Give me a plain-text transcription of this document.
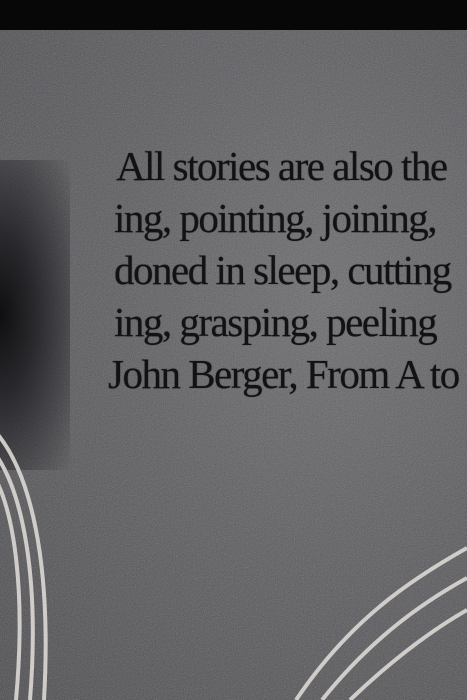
All stories are also the
ing, pointing, joining,
doned in sleep, cutting
ing, grasping, peeling
John Berger, From A to
